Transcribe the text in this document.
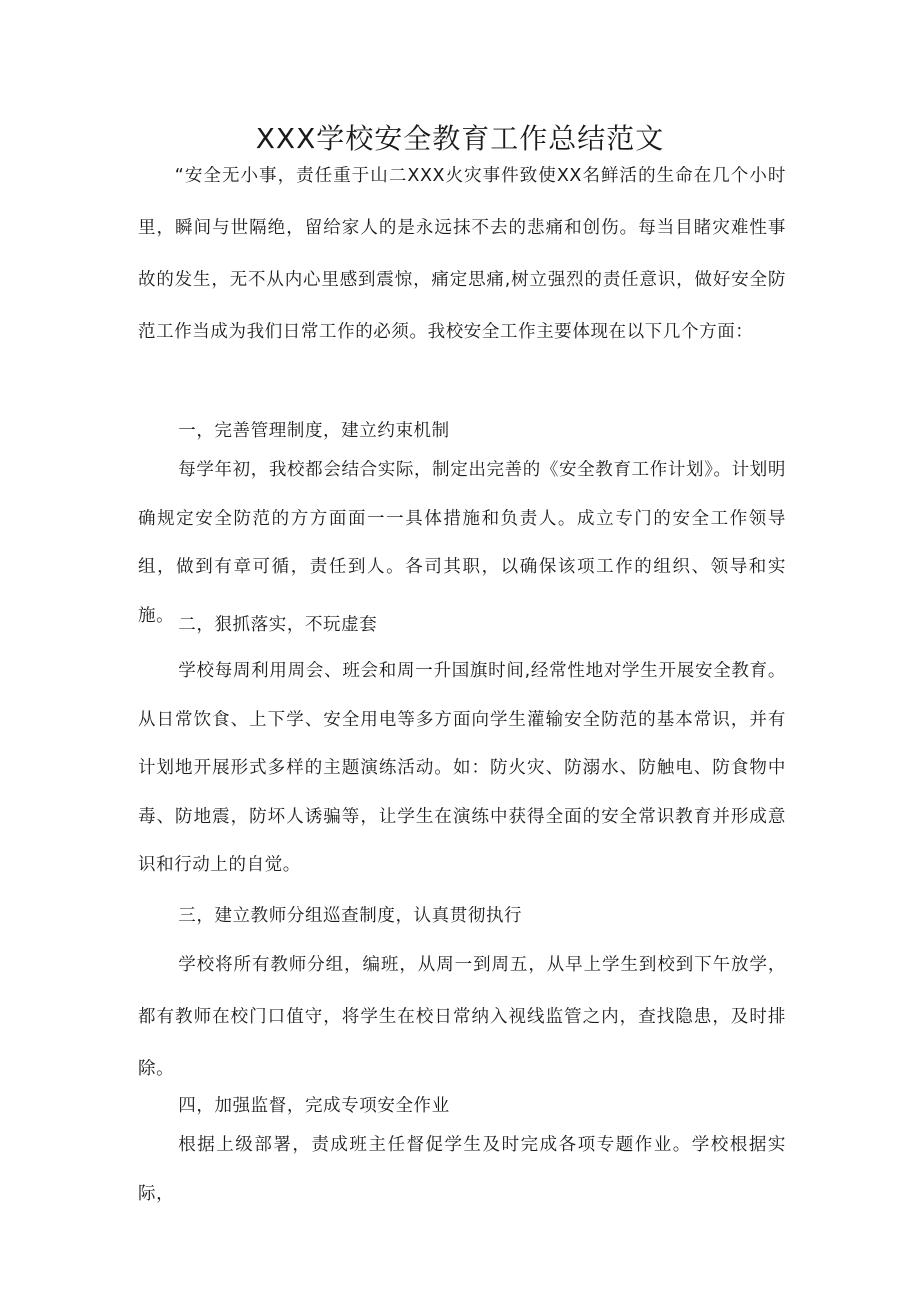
XXX学校安全教育工作总结范文

“安全无小事，责任重于山二XXX火灾事件致使XX名鲜活的生命在几个小时里，瞬间与世隔绝，留给家人的是永远抹不去的悲痛和创伤。每当目睹灾难性事故的发生，无不从内心里感到震惊，痛定思痛,树立强烈的责任意识，做好安全防范工作当成为我们日常工作的必须。我校安全工作主要体现在以下几个方面：

一，完善管理制度，建立约束机制

每学年初，我校都会结合实际，制定出完善的《安全教育工作计划》。计划明确规定安全防范的方方面面一一具体措施和负责人。成立专门的安全工作领导组，做到有章可循，责任到人。各司其职，以确保该项工作的组织、领导和实施。 二，狠抓落实，不玩虚套

学校每周利用周会、班会和周一升国旗时间,经常性地对学生开展安全教育。从日常饮食、上下学、安全用电等多方面向学生灌输安全防范的基本常识，并有计划地开展形式多样的主题演练活动。如：防火灾、防溺水、防触电、防食物中毒、防地震，防坏人诱骗等，让学生在演练中获得全面的安全常识教育并形成意识和行动上的自觉。

三，建立教师分组巡查制度，认真贯彻执行

学校将所有教师分组，编班，从周一到周五，从早上学生到校到下午放学，都有教师在校门口值守，将学生在校日常纳入视线监管之内，查找隐患，及时排除。

四，加强监督，完成专项安全作业

根据上级部署，责成班主任督促学生及时完成各项专题作业。学校根据实际，
